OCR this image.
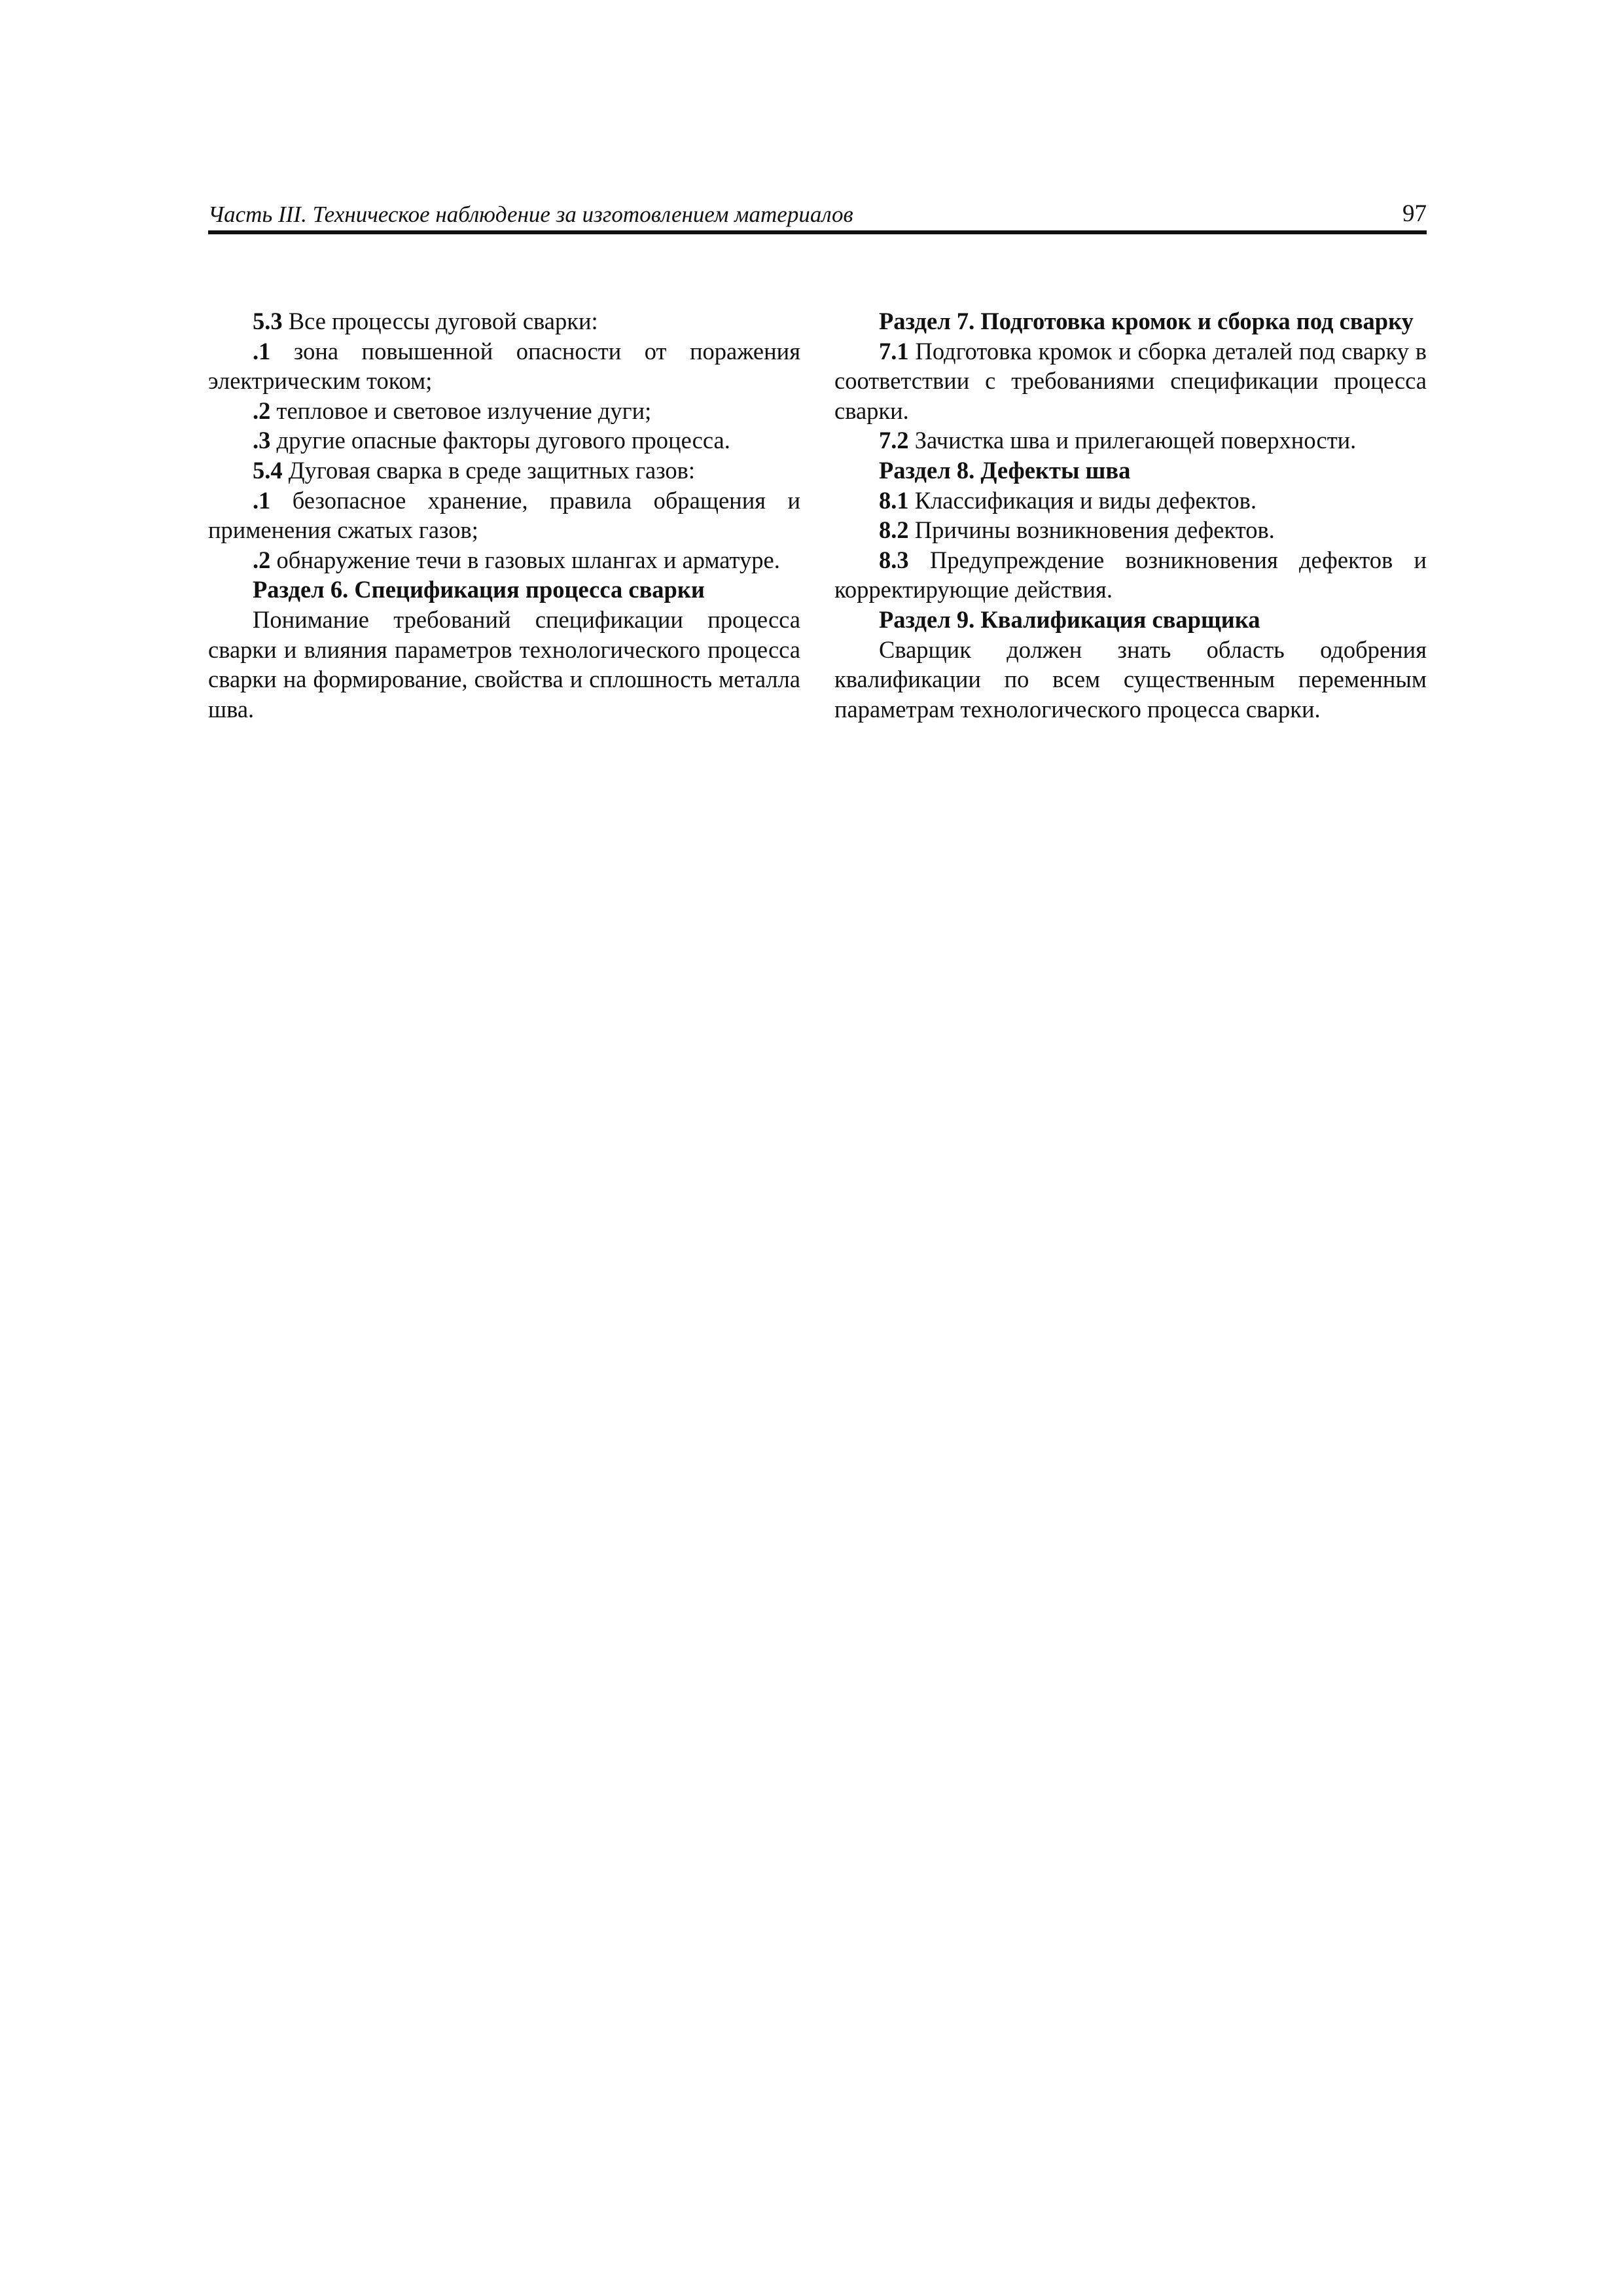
Часть III. Техническое наблюдение за изготовлением материалов	97

5.3 Все процессы дуговой сварки:

.1 зона повышенной опасности от поражения электрическим током;

.2 тепловое и световое излучение дуги;

.3 другие опасные факторы дугового процесса.

5.4 Дуговая сварка в среде защитных газов:

.1 безопасное хранение, правила обращения и применения сжатых газов;

.2 обнаружение течи в газовых шлангах и арматуре.

Раздел 6. Спецификация процесса сварки

Понимание требований спецификации процесса сварки и влияния параметров технологического процесса сварки на формирование, свойства и сплошность металла шва.

Раздел 7. Подготовка кромок и сборка под сварку

7.1 Подготовка кромок и сборка деталей под сварку в соответствии с требованиями спецификации процесса сварки.

7.2 Зачистка шва и прилегающей поверхности.

Раздел 8. Дефекты шва

8.1 Классификация и виды дефектов.

8.2 Причины возникновения дефектов.

8.3 Предупреждение возникновения дефектов и корректирующие действия.

Раздел 9. Квалификация сварщика

Сварщик должен знать область одобрения квалификации по всем существенным переменным параметрам технологического процесса сварки.
